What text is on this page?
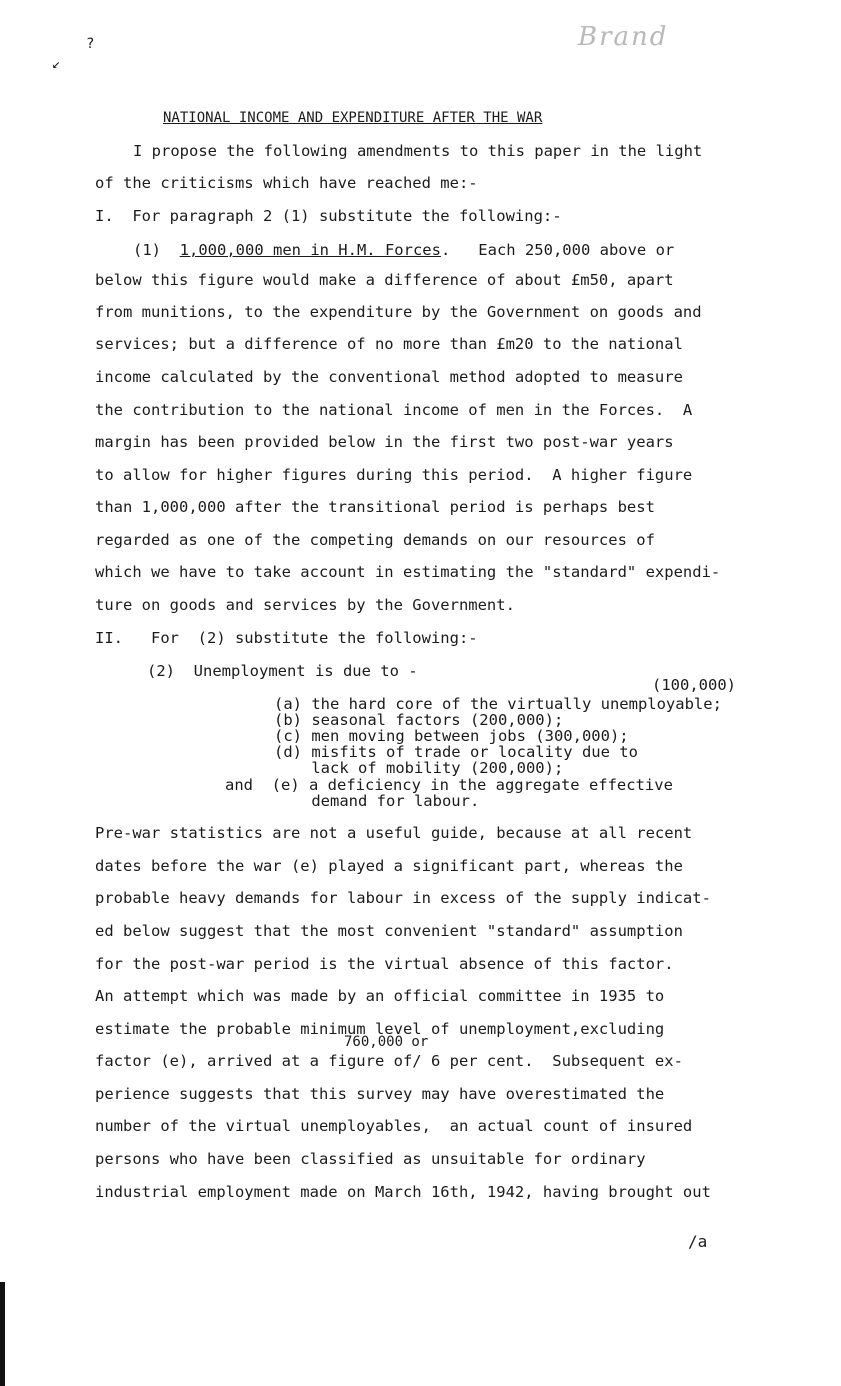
Brand
?
↙
NATIONAL INCOME AND EXPENDITURE AFTER THE WAR
I propose the following amendments to this paper in the light
of the criticisms which have reached me:-
I.  For paragraph 2 (1) substitute the following:-
(1)  1,000,000 men in H.M. Forces.   Each 250,000 above or
below this figure would make a difference of about £m50, apart
from munitions, to the expenditure by the Government on goods and
services; but a difference of no more than £m20 to the national
income calculated by the conventional method adopted to measure
the contribution to the national income of men in the Forces.  A
margin has been provided below in the first two post-war years
to allow for higher figures during this period.  A higher figure
than 1,000,000 after the transitional period is perhaps best
regarded as one of the competing demands on our resources of
which we have to take account in estimating the "standard" expendi-
ture on goods and services by the Government.
II.   For  (2) substitute the following:-
(2)  Unemployment is due to -
(100,000)
(a) the hard core of the virtually unemployable;
(b) seasonal factors (200,000);
(c) men moving between jobs (300,000);
(d) misfits of trade or locality due to
lack of mobility (200,000);
and  (e) a deficiency in the aggregate effective
demand for labour.
Pre-war statistics are not a useful guide, because at all recent
dates before the war (e) played a significant part, whereas the
probable heavy demands for labour in excess of the supply indicat-
ed below suggest that the most convenient "standard" assumption
for the post-war period is the virtual absence of this factor.
An attempt which was made by an official committee in 1935 to
estimate the probable minimum level of unemployment,excluding
760,000 or
factor (e), arrived at a figure of/ 6 per cent.  Subsequent ex-
perience suggests that this survey may have overestimated the
number of the virtual unemployables,  an actual count of insured
persons who have been classified as unsuitable for ordinary
industrial employment made on March 16th, 1942, having brought out
/a
